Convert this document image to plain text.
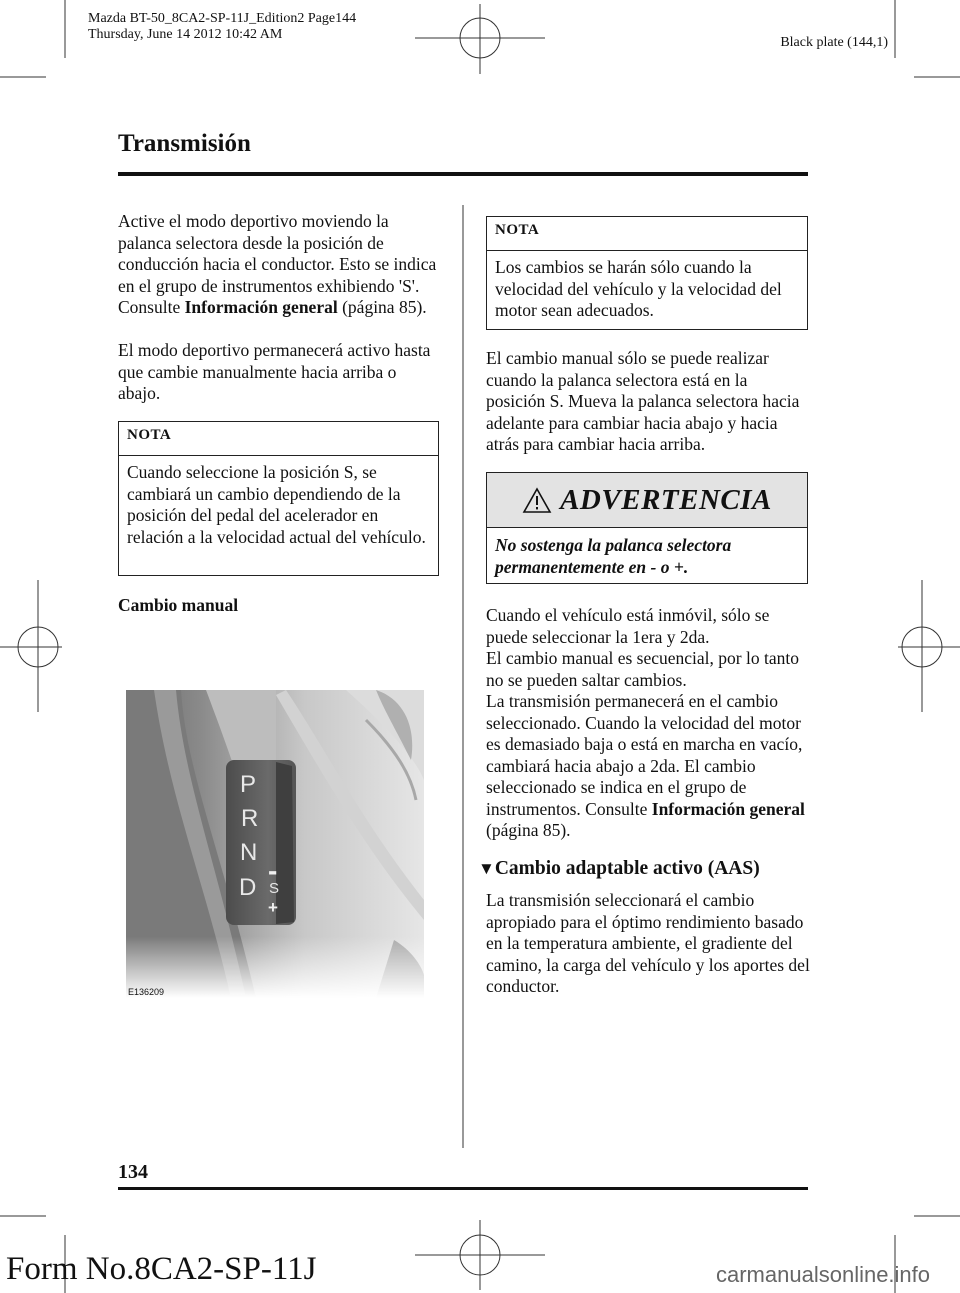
Mazda BT-50_8CA2-SP-11J_Edition2 Page144
Thursday, June 14 2012 10:42 AM
Black plate (144,1)
Transmisión
Active el modo deportivo moviendo la palanca selectora desde la posición de conducción hacia el conductor. Esto se indica en el grupo de instrumentos exhibiendo 'S'. Consulte Información general (página 85).
El modo deportivo permanecerá activo hasta que cambie manualmente hacia arriba o abajo.
NOTA
Cuando seleccione la posición S, se cambiará un cambio dependiendo de la posición del pedal del acelerador en relación a la velocidad actual del vehículo.
Cambio manual
E136209
NOTA
Los cambios se harán sólo cuando la velocidad del vehículo y la velocidad del motor sean adecuados.
El cambio manual sólo se puede realizar cuando la palanca selectora está en la posición S. Mueva la palanca selectora hacia adelante para cambiar hacia abajo y hacia atrás para cambiar hacia arriba.
ADVERTENCIA
No sostenga la palanca selectora permanentemente en - o +.
Cuando el vehículo está inmóvil, sólo se puede seleccionar la 1era y 2da.
El cambio manual es secuencial, por lo tanto no se pueden saltar cambios.
La transmisión permanecerá en el cambio seleccionado. Cuando la velocidad del motor es demasiado baja o está en marcha en vacío, cambiará hacia abajo a 2da. El cambio seleccionado se indica en el grupo de instrumentos. Consulte Información general (página 85).
▼Cambio adaptable activo (AAS)
La transmisión seleccionará el cambio apropiado para el óptimo rendimiento basado en la temperatura ambiente, el gradiente del camino, la carga del vehículo y los aportes del conductor.
134
Form No.8CA2-SP-11J	carmanualsonline.info
